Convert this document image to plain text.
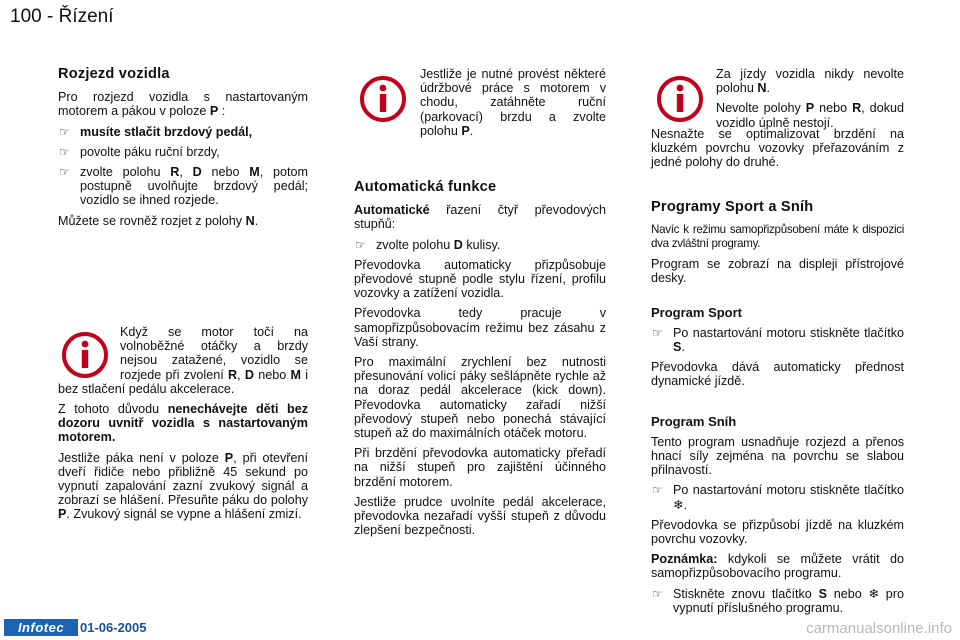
100 - Řízení
Rozjezd vozidla

Pro rozjezd vozidla s nastartovaným motorem a pákou v poloze P :

☞ musíte stlačit brzdový pedál,
☞ povolte páku ruční brzdy,
☞ zvolte polohu R, D nebo M, potom postupně uvolňujte brzdový pedál; vozidlo se ihned rozjede.

Můžete se rovněž rozjet z polohy N.

Když se motor točí na volnoběžné otáčky a brzdy nejsou zatažené, vozidlo se rozjede při zvolení R, D nebo M i bez stlačení pedálu akcelerace.

Z tohoto důvodu nenechávejte děti bez dozoru uvnitř vozidla s nastartovaným motorem.

Jestliže páka není v poloze P, při otevření dveří řidiče nebo přibližně 45 sekund po vypnutí zapalování zazní zvukový signál a zobrazí se hlášení. Přesuňte páku do polohy P. Zvukový signál se vypne a hlášení zmizí.

Jestliže je nutné provést některé údržbové práce s motorem v chodu, zatáhněte ruční (parkovací) brzdu a zvolte polohu P.

Automatická funkce

Automatické řazení čtyř převodových stupňů:

☞ zvolte polohu D kulisy.

Převodovka automaticky přizpůsobuje převodové stupně podle stylu řízení, profilu vozovky a zatížení vozidla.

Převodovka tedy pracuje v samopřizpůsobovacím režimu bez zásahu z Vaší strany.

Pro maximální zrychlení bez nutnosti přesunování volicí páky sešlápněte rychle až na doraz pedál akcelerace (kick down). Převodovka automaticky zařadí nižší převodový stupeň nebo ponechá stávající stupeň až do maximálních otáček motoru.

Při brzdění převodovka automaticky přeřadí na nižší stupeň pro zajištění účinného brzdění motorem.

Jestliže prudce uvolníte pedál akcelerace, převodovka nezařadí vyšší stupeň z důvodu zlepšení bezpečnosti.

Za jízdy vozidla nikdy nevolte polohu N.

Nevolte polohy P nebo R, dokud vozidlo úplně nestojí.

Nesnažte se optimalizovat brzdění na kluzkém povrchu vozovky přeřazováním z jedné polohy do druhé.

Programy Sport a Sníh

Navíc k režimu samopřizpůsobení máte k dispozici dva zvláštní programy.

Program se zobrazí na displeji přístrojové desky.

Program Sport
☞ Po nastartování motoru stiskněte tlačítko S.

Převodovka dává automaticky přednost dynamické jízdě.

Program Sníh

Tento program usnadňuje rozjezd a přenos hnací síly zejména na povrchu se slabou přilnavostí.

☞ Po nastartování motoru stiskněte tlačítko ❄.

Převodovka se přizpůsobí jízdě na kluzkém povrchu vozovky.

Poznámka: kdykoli se můžete vrátit do samopřizpůsobovacího programu.

☞ Stiskněte znovu tlačítko S nebo ❄ pro vypnutí příslušného programu.
Infotec	01-06-2005	carmanualsonline.info
